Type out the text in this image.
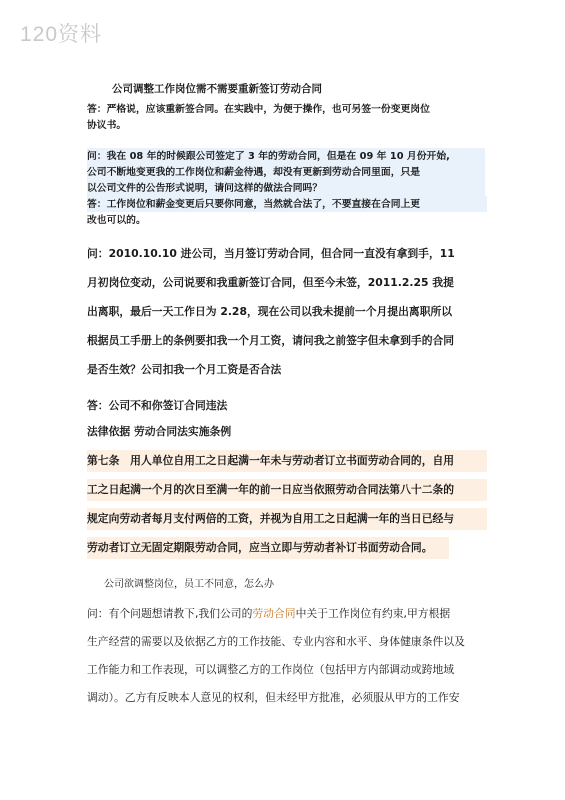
120资料
公司调整工作岗位需不需要重新签订劳动合同
答：严格说，应该重新签合同。在实践中，为便于操作，也可另签一份变更岗位
协议书。
问：我在 08 年的时候跟公司签定了 3 年的劳动合同，但是在 09 年 10 月份开始,
公司不断地变更我的工作岗位和薪金待遇，却没有更新到劳动合同里面，只是
以公司文件的公告形式说明，请问这样的做法合同吗？
答：工作岗位和薪金变更后只要你同意，当然就合法了，不要直接在合同上更
改也可以的。
问：2010.10.10 进公司，当月签订劳动合同，但合同一直没有拿到手，11
月初岗位变动，公司说要和我重新签订合同，但至今未签，2011.2.25 我提
出离职，最后一天工作日为 2.28，现在公司以我未提前一个月提出离职所以
根据员工手册上的条例要扣我一个月工资，请问我之前签字但未拿到手的合同
是否生效？公司扣我一个月工资是否合法
答：公司不和你签订合同违法
法律依据 劳动合同法实施条例
第七条　用人单位自用工之日起满一年未与劳动者订立书面劳动合同的，自用
工之日起满一个月的次日至满一年的前一日应当依照劳动合同法第八十二条的
规定向劳动者每月支付两倍的工资，并视为自用工之日起满一年的当日已经与
劳动者订立无固定期限劳动合同，应当立即与劳动者补订书面劳动合同。
公司欲调整岗位，员工不同意，怎么办
问：有个问题想请教下,我们公司的劳动合同中关于工作岗位有约束,甲方根据
生产经营的需要以及依据乙方的工作技能、专业内容和水平、身体健康条件以及
工作能力和工作表现，可以调整乙方的工作岗位（包括甲方内部调动或跨地域
调动）。乙方有反映本人意见的权利，但未经甲方批准，必须服从甲方的工作安
